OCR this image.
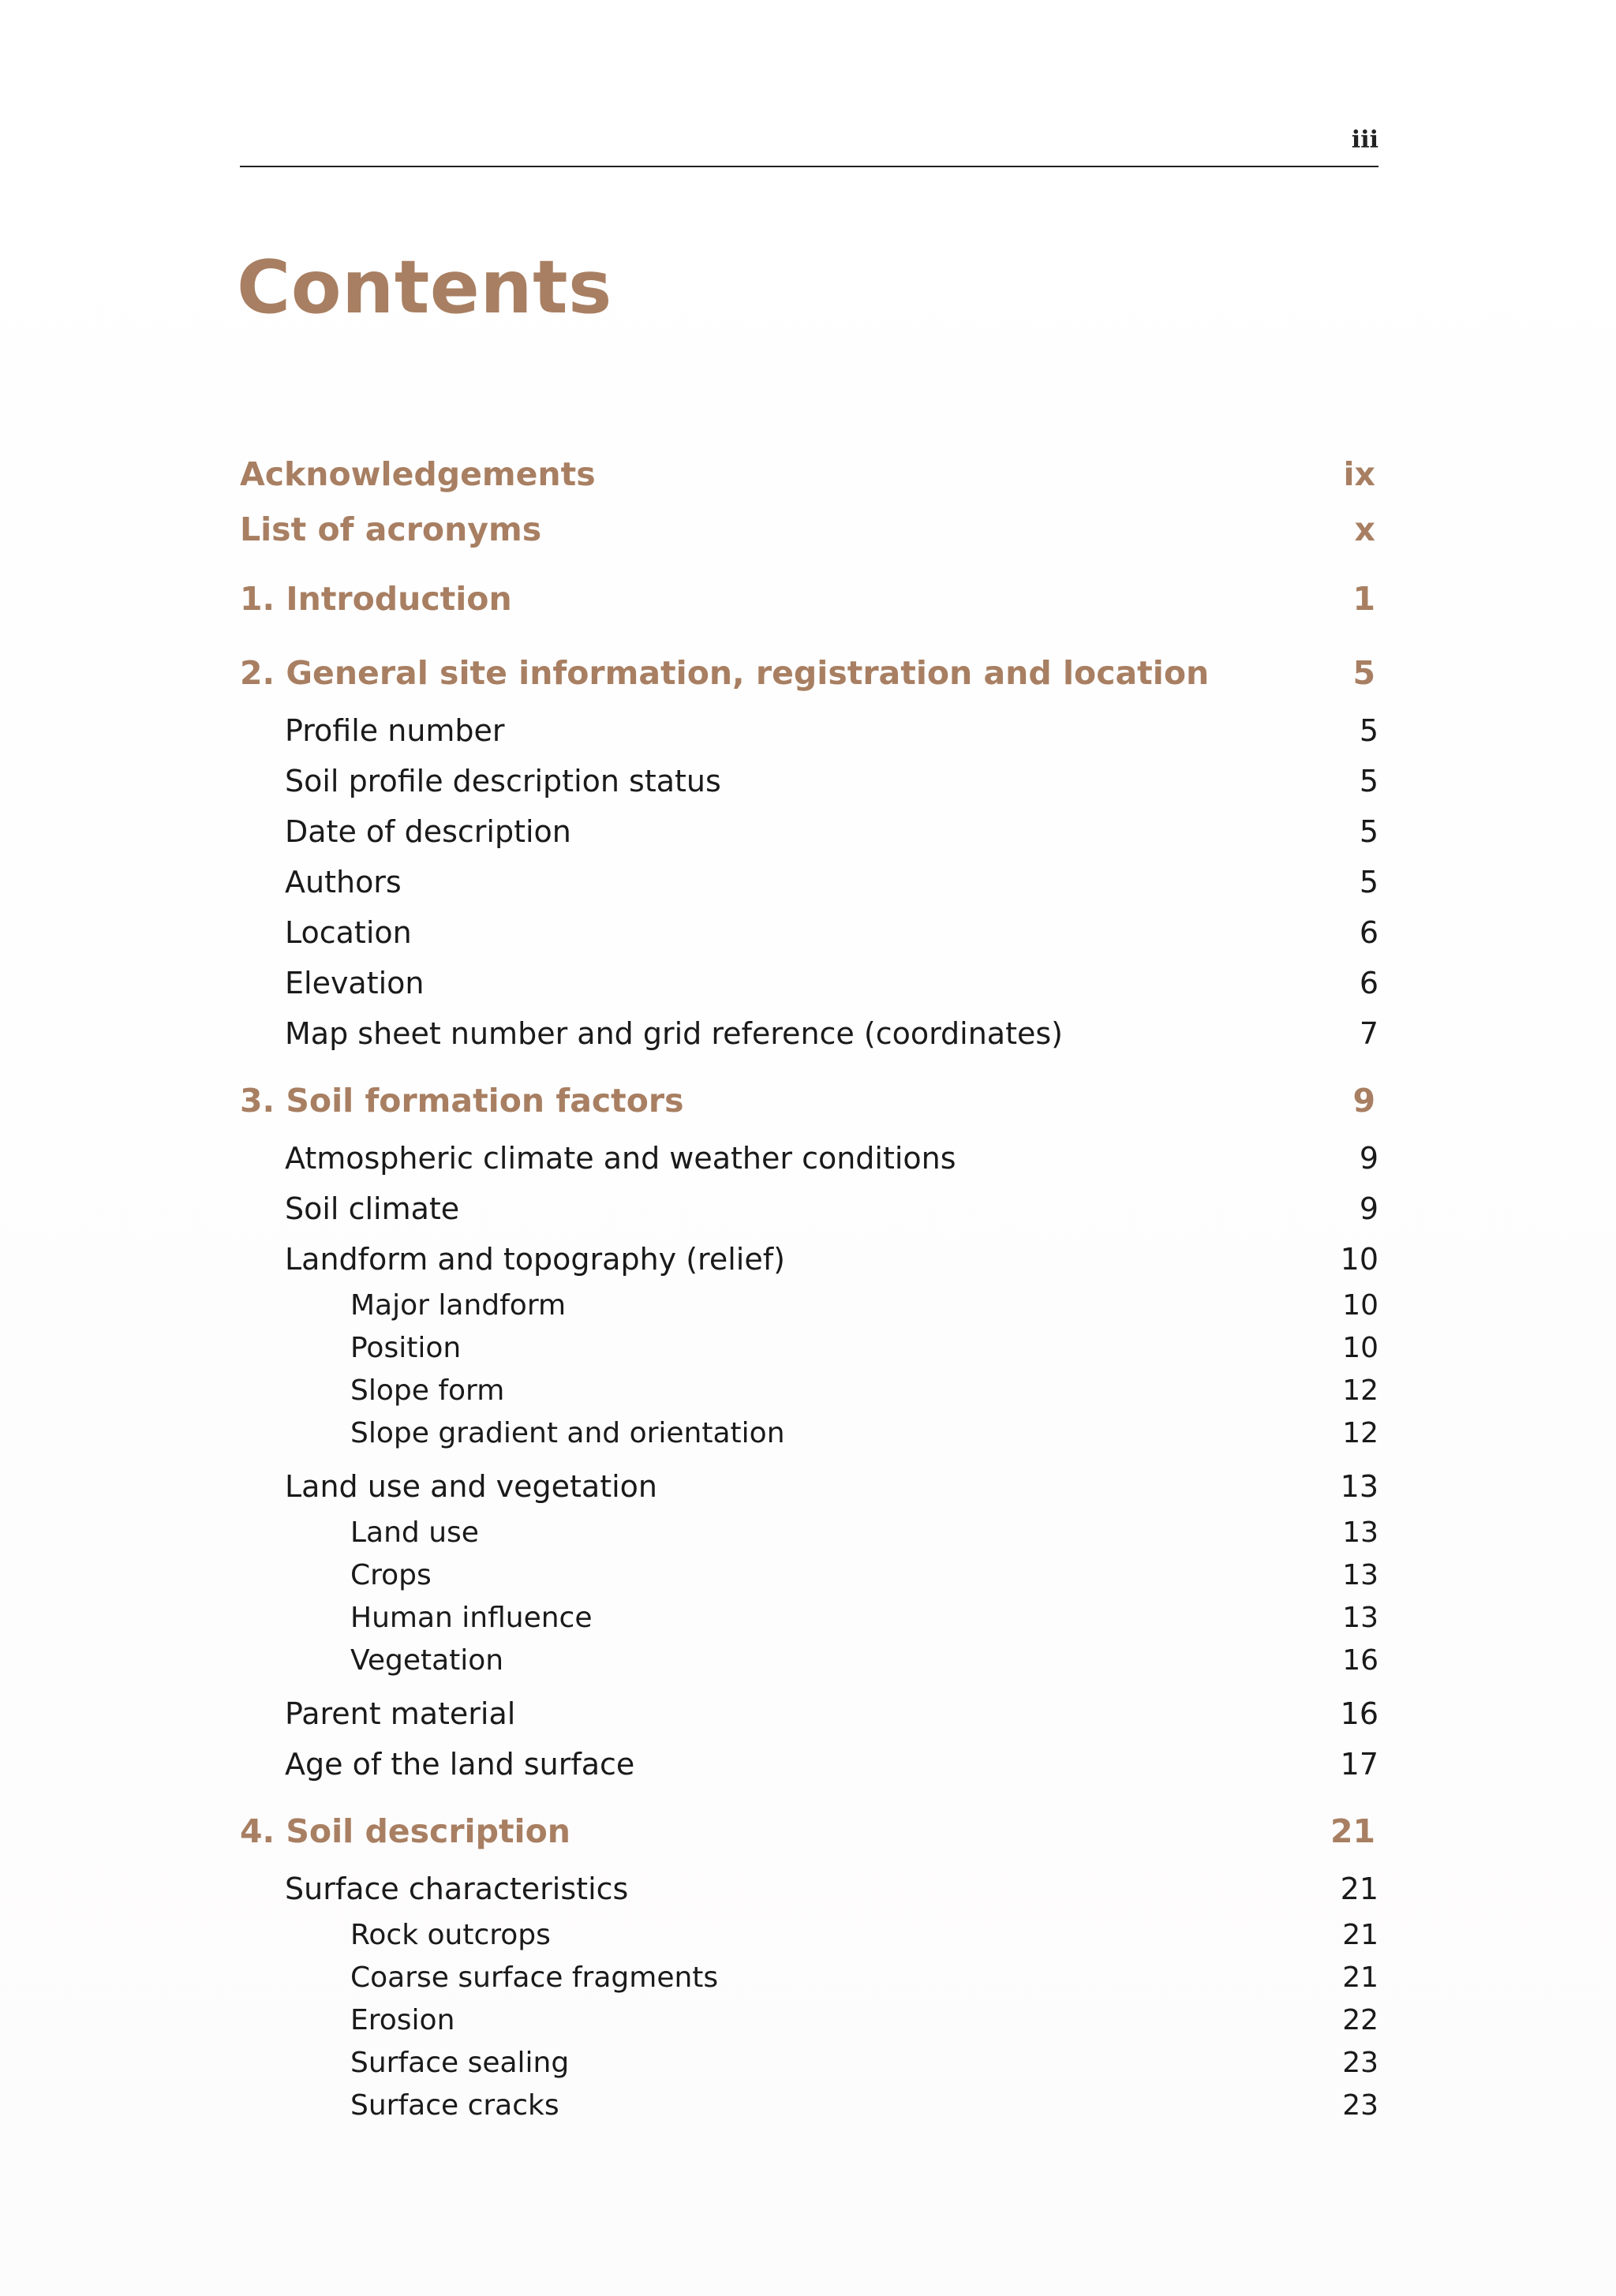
iii
Contents
Acknowledgements	ix
List of acronyms	x
1. Introduction	1
2. General site information, registration and location	5
Profile number	5
Soil profile description status	5
Date of description	5
Authors	5
Location	6
Elevation	6
Map sheet number and grid reference (coordinates)	7
3. Soil formation factors	9
Atmospheric climate and weather conditions	9
Soil climate	9
Landform and topography (relief)	10
Major landform	10
Position	10
Slope form	12
Slope gradient and orientation	12
Land use and vegetation	13
Land use	13
Crops	13
Human influence	13
Vegetation	16
Parent material	16
Age of the land surface	17
4. Soil description	21
Surface characteristics	21
Rock outcrops	21
Coarse surface fragments	21
Erosion	22
Surface sealing	23
Surface cracks	23
